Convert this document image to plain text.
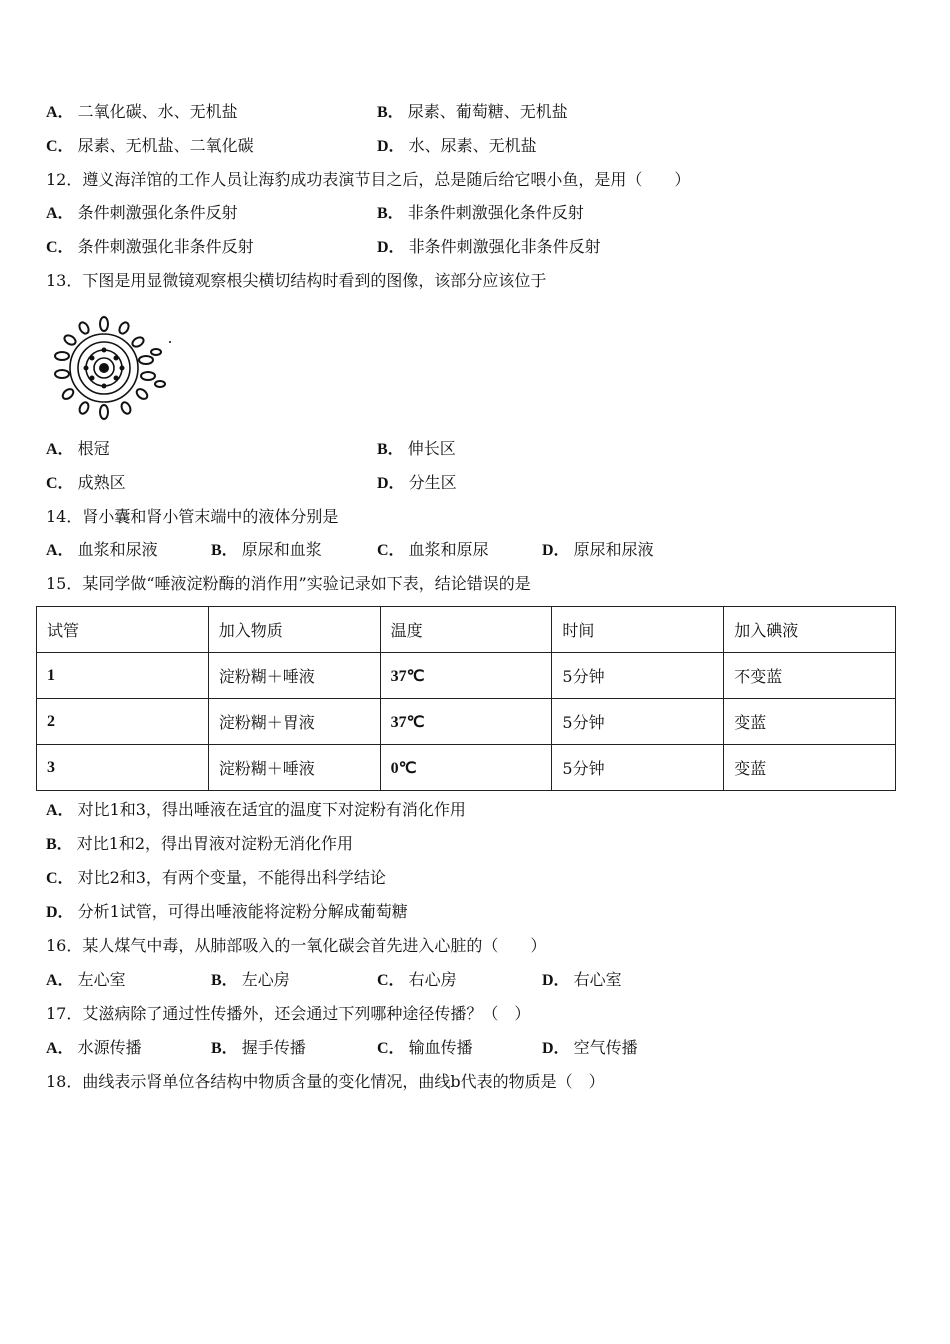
A． 二氧化碳、水、无机盐	B． 尿素、葡萄糖、无机盐
C． 尿素、无机盐、二氧化碳	D． 水、尿素、无机盐
12．遵义海洋馆的工作人员让海豹成功表演节目之后，总是随后给它喂小鱼，是用（　　）
A． 条件刺激强化条件反射	B． 非条件刺激强化条件反射
C． 条件刺激强化非条件反射	D． 非条件刺激强化非条件反射
13．下图是用显微镜观察根尖横切结构时看到的图像，该部分应该位于
A． 根冠	B． 伸长区
C． 成熟区	D． 分生区
14．肾小囊和肾小管末端中的液体分别是
A． 血浆和尿液	B． 原尿和血浆	C． 血浆和原尿	D． 原尿和尿液
15．某同学做“唾液淀粉酶的消作用”实验记录如下表，结论错误的是
试管	加入物质	温度	时间	加入碘液
1	淀粉糊＋唾液	37℃	5分钟	不变蓝
2	淀粉糊＋胃液	37℃	5分钟	变蓝
3	淀粉糊＋唾液	0℃	5分钟	变蓝
A． 对比1和3，得出唾液在适宜的温度下对淀粉有消化作用
B． 对比1和2，得出胃液对淀粉无消化作用
C． 对比2和3，有两个变量，不能得出科学结论
D． 分析1试管，可得出唾液能将淀粉分解成葡萄糖
16．某人煤气中毒，从肺部吸入的一氧化碳会首先进入心脏的（　　）
A． 左心室	B． 左心房	C． 右心房	D． 右心室
17．艾滋病除了通过性传播外，还会通过下列哪种途径传播？（　）
A． 水源传播	B． 握手传播	C． 输血传播	D． 空气传播
18．曲线表示肾单位各结构中物质含量的变化情况，曲线b代表的物质是（　）
